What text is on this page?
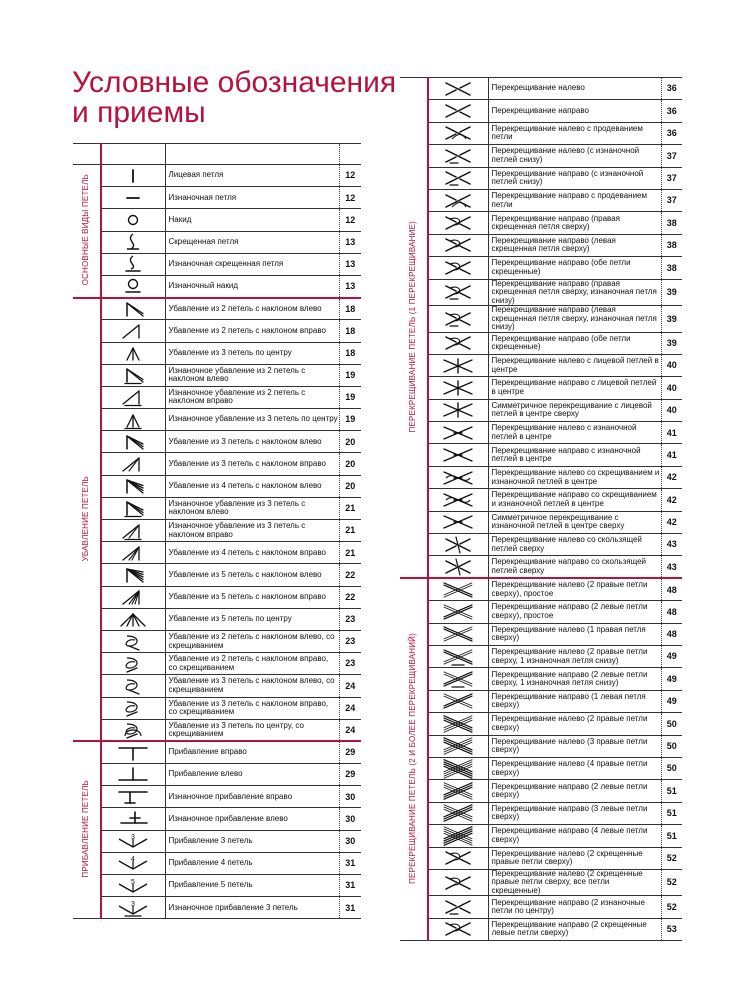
Условные обозначения
и приемы

ОСНОВНЫЕ ВИДЫ ПЕТЕЛЬ		Лицевая петля	12

	Изнаночная петля	12

	Накид	12

	Скрещенная петля	13

	Изнаночная скрещенная петля	13

	Изнаночный накид	13
УБАВЛЕНИЕ ПЕТЕЛЬ		Убавление из 2 петель с наклоном влево	18

	Убавление из 2 петель с наклоном вправо	18

	Убавление из 3 петель по центру	18

	Изнаночное убавление из 2 петель с наклоном влево	19

	Изнаночное убавление из 2 петель с наклоном вправо	19

	Изнаночное убавление из 3 петель по центру	19

	Убавление из 3 петель с наклоном влево	20

	Убавление из 3 петель с наклоном вправо	20

	Убавление из 4 петель с наклоном влево	20

	Изнаночное убавление из 3 петель с наклоном влево	21

	Изнаночное убавление из 3 петель с наклоном вправо	21

	Убавление из 4 петель с наклоном вправо	21

	Убавление из 5 петель с наклоном влево	22

	Убавление из 5 петель с наклоном вправо	22

	Убавление из 5 петель по центру	23

	Убавление из 2 петель с наклоном влево, со скрещиванием	23

	Убавление из 2 петель с наклоном вправо, со скрещиванием	23

	Убавление из 3 петель с наклоном влево, со скрещиванием	24

	Убавление из 3 петель с наклоном вправо, со скрещиванием	24

	Убавление из 3 петель по центру, со скрещиванием	24
ПРИБАВЛЕНИЕ ПЕТЕЛЬ		Прибавление вправо	29

	Прибавление влево	29

	Изнаночное прибавление вправо	30

	Изнаночное прибавление влево	30

3	Прибавление 3 петель	30

4	Прибавление 4 петель	31

5	Прибавление 5 петель	31

3	Изнаночное прибавление 3 петель	31
ПЕРЕКРЕЩИВАНИЕ ПЕТЕЛЬ (1 ПЕРЕКРЕЩИВАНИЕ)		Перекрещивание налево	36

	Перекрещивание направо	36

	Перекрещивание налево с продеванием петли	36

	Перекрещивание налево (с изнаночной петлей снизу)	37

	Перекрещивание направо (с изнаночной петлей снизу)	37

	Перекрещивание направо с продеванием петли	37

	Перекрещивание направо (правая скрещенная петля сверху)	38

	Перекрещивание направо (левая скрещенная петля сверху)	38

	Перекрещивание направо (обе петли скрещенные)	38

	Перекрещивание направо (правая скрещенная петля сверху, изнаночная петля снизу)	39

	Перекрещивание направо (левая скрещенная петля сверху, изнаночная петля снизу)	39

	Перекрещивание направо (обе петли скрещенные)	39

	Перекрещивание налево с лицевой петлей в центре	40

	Перекрещивание направо с лицевой петлей в центре	40

	Симметричное перекрещивание с лицевой петлей в центре сверху	40

	Перекрещивание налево с изнаночной петлей в центре	41

	Перекрещивание направо с изнаночной петлей в центре	41

	Перекрещивание налево со скрещиванием и изнаночной петлей в центре	42

	Перекрещивание направо со скрещиванием и изнаночной петлей в центре	42

	Симметричное перекрещивание с изнаночной петлей в центре сверху	42

	Перекрещивание налево со скользящей петлей сверху	43

	Перекрещивание направо со скользящей петлей сверху	43
ПЕРЕКРЕЩИВАНИЕ ПЕТЕЛЬ (2 И БОЛЕЕ ПЕРЕКРЕЩИВАНИЙ)		Перекрещивание налево (2 правые петли сверху), простое	48

	Перекрещивание направо (2 левые петли сверху), простое	48

	Перекрещивание налево (1 правая петля сверху)	48

	Перекрещивание налево (2 правые петли сверху, 1 изнаночная петля снизу)	49

	Перекрещивание направо (2 левые петли сверху, 1 изнаночная петля снизу)	49

	Перекрещивание направо (1 левая петля сверху)	49

	Перекрещивание налево (2 правые петли сверху)	50

	Перекрещивание налево (3 правые петли сверху)	50

	Перекрещивание налево (4 правые петли сверху)	50

	Перекрещивание направо (2 левые петли сверху)	51

	Перекрещивание направо (3 левые петли сверху)	51

	Перекрещивание направо (4 левые петли сверху)	51

	Перекрещивание налево (2 скрещенные правые петли сверху)	52

	Перекрещивание налево (2 скрещенные правые петли сверху, все петли скрещенные)	52

	Перекрещивание направо (2 изнаночные петли по центру)	52

	Перекрещивание направо (2 скрещенные левые петли сверху)	53
